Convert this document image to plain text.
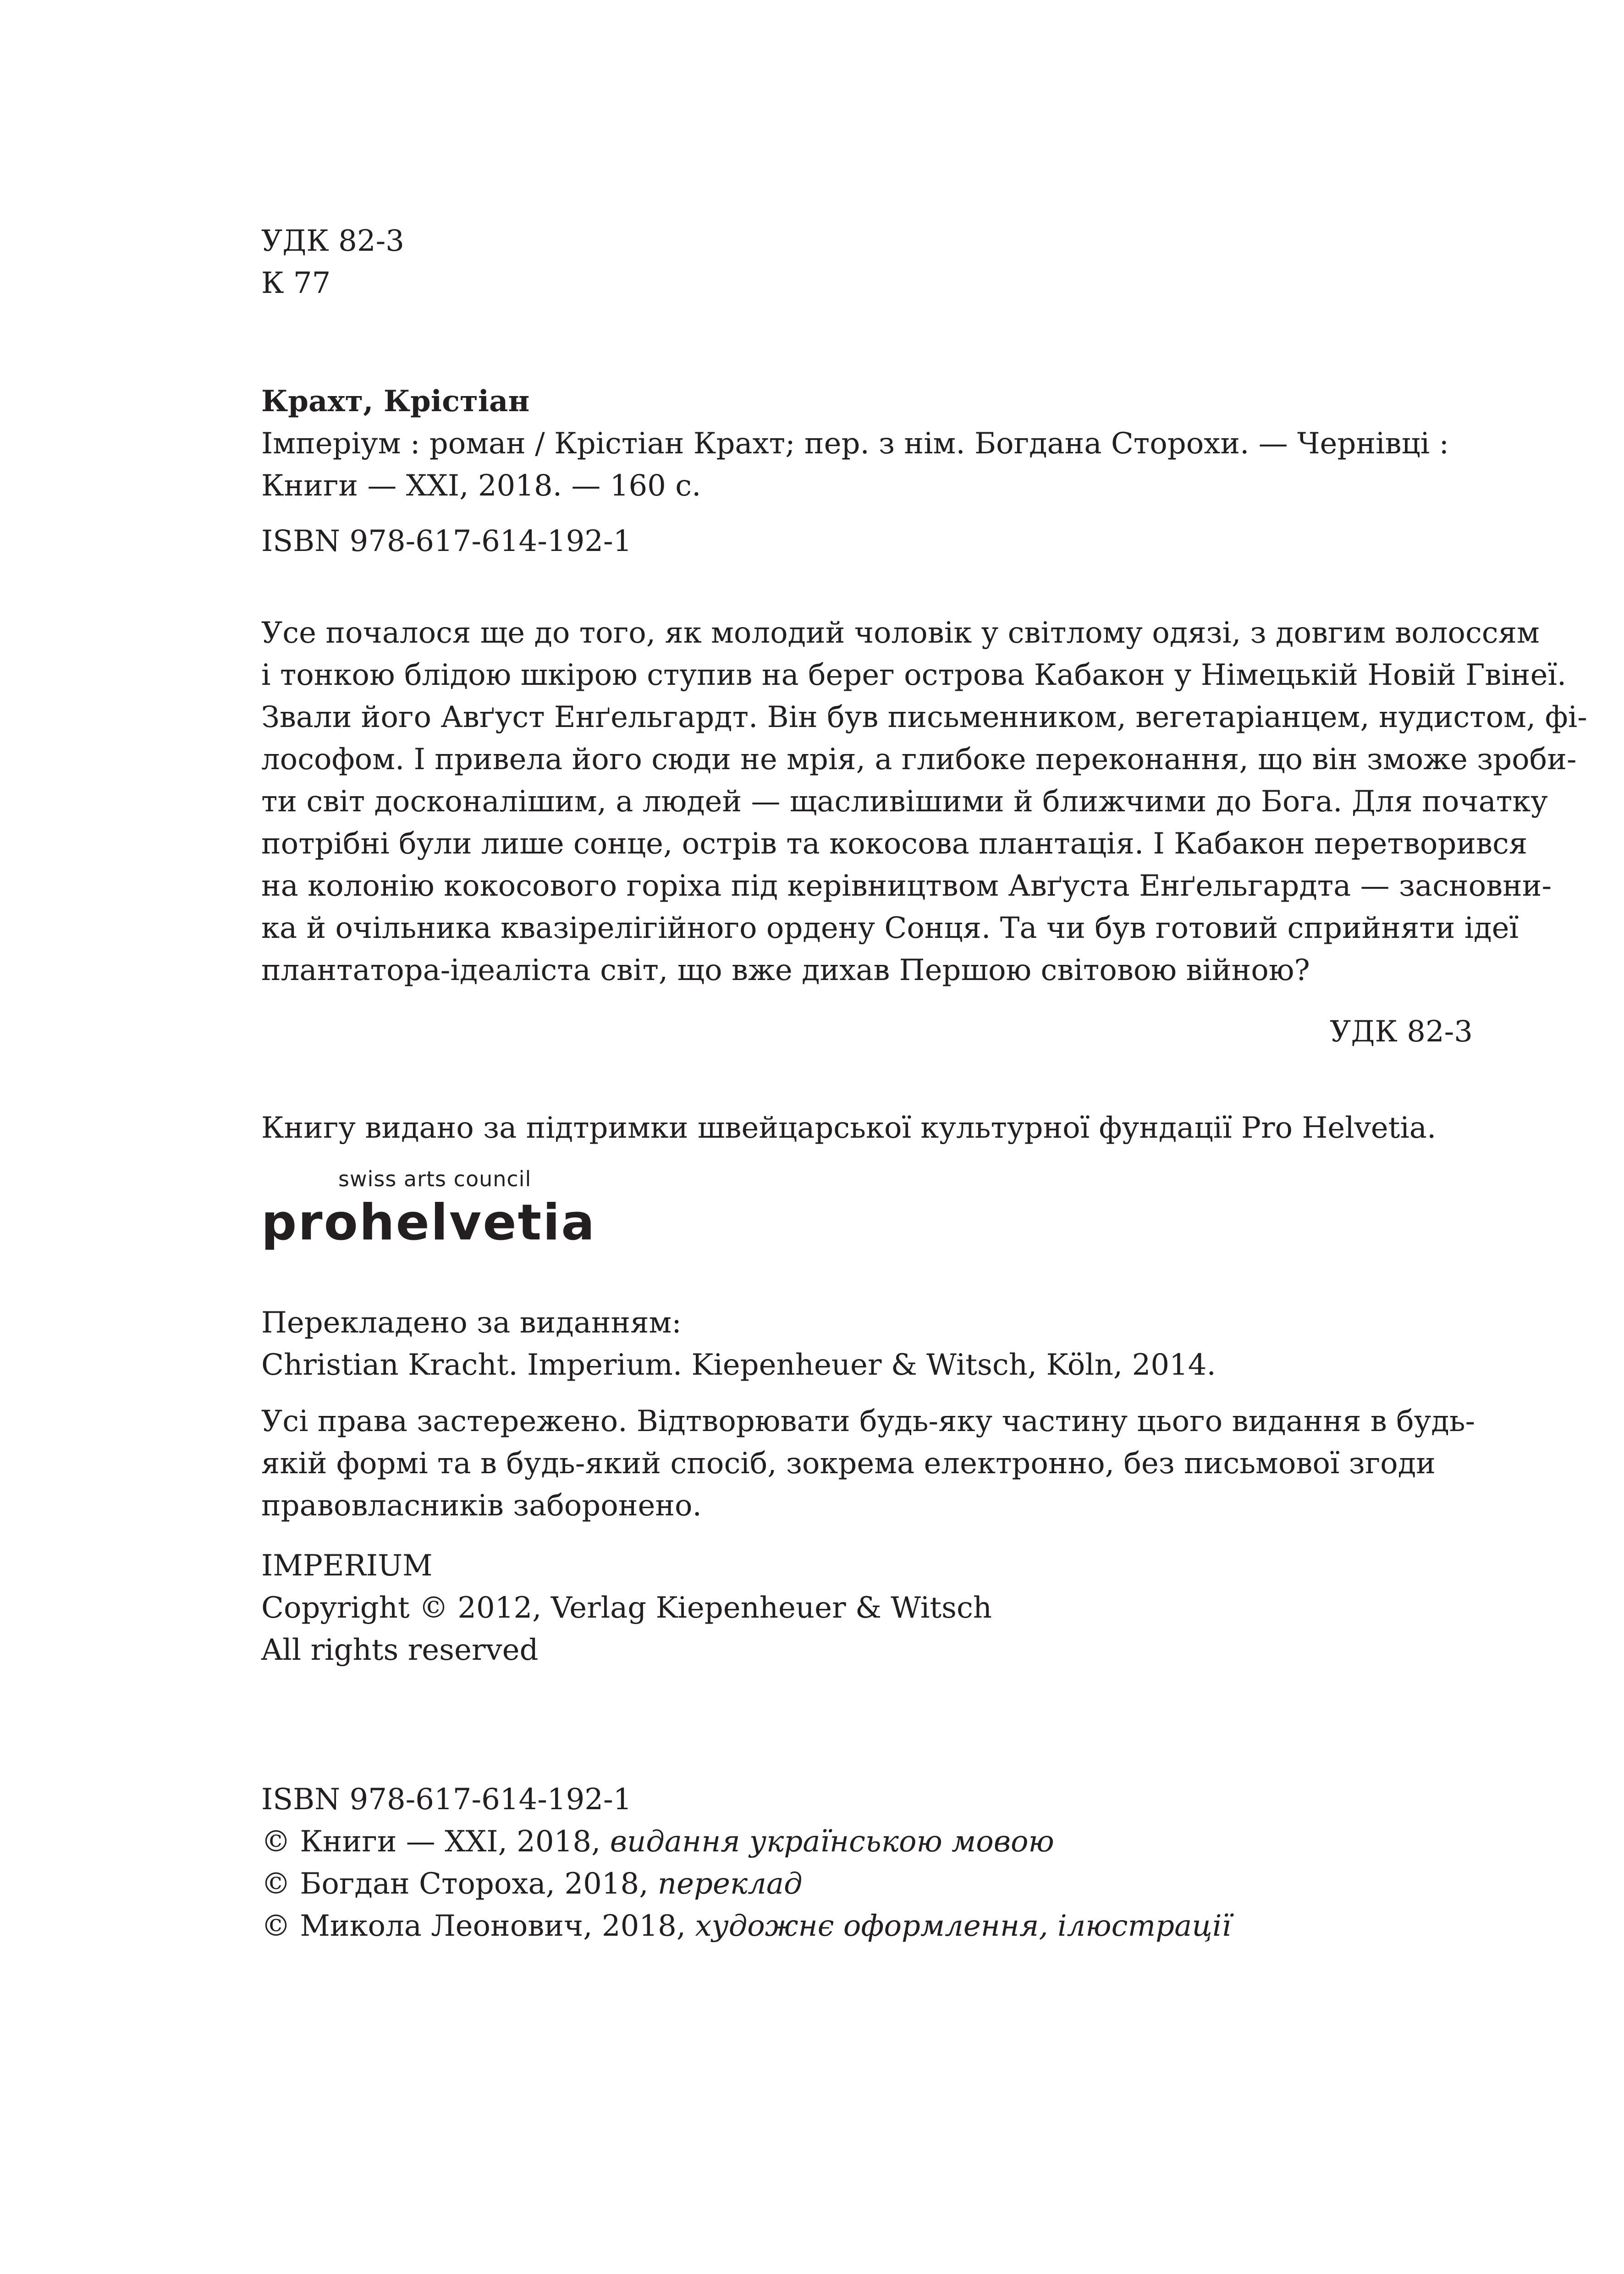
УДК 82-3
К 77
Крахт, Крістіан
Імперіум : роман / Крістіан Крахт; пер. з нім. Богдана Сторохи. — Чернівці :
Книги — XXI, 2018. — 160 с.
ISBN 978-617-614-192-1
Усе почалося ще до того, як молодий чоловік у світлому одязі, з довгим волоссям
і тонкою блідою шкірою ступив на берег острова Кабакон у Німецькій Новій Гвінеї.
Звали його Авґуст Енґельгардт. Він був письменником, вегетаріанцем, нудистом, фі-
лософом. І привела його сюди не мрія, а глибоке переконання, що він зможе зроби-
ти світ досконалішим, а людей — щасливішими й ближчими до Бога. Для початку
потрібні були лише сонце, острів та кокосова плантація. І Кабакон перетворився
на колонію кокосового горіха під керівництвом Авґуста Енґельгардта — засновни-
ка й очільника квазірелігійного ордену Сонця. Та чи був готовий сприйняти ідеї
плантатора-ідеаліста світ, що вже дихав Першою світовою війною?
УДК 82-3
Книгу видано за підтримки швейцарської культурної фундації Pro Helvetia.
swiss arts council
prohelvetia
Перекладено за виданням:
Christian Kracht. Imperium. Kiepenheuer & Witsch, Köln, 2014.
Усі права застережено. Відтворювати будь-яку частину цього видання в будь-
якій формі та в будь-який спосіб, зокрема електронно, без письмової згоди
правовласників заборонено.
IMPERIUM
Copyright © 2012, Verlag Kiepenheuer & Witsch
All rights reserved
ISBN 978-617-614-192-1
© Книги — XXI, 2018, видання українською мовою
© Богдан Стороха, 2018, переклад
© Микола Леонович, 2018, художнє оформлення, ілюстрації
